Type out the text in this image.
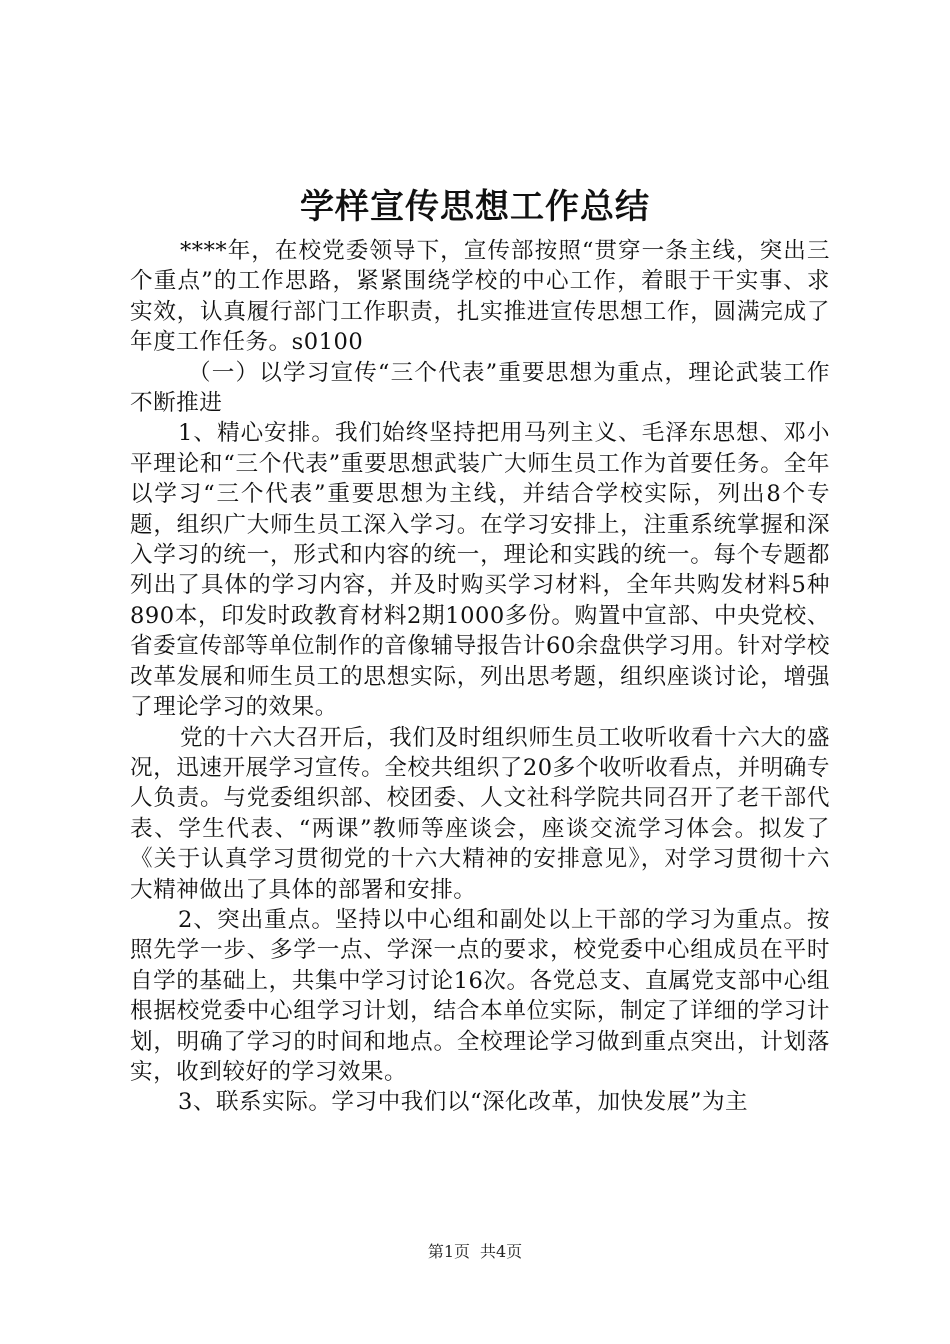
学样宣传思想工作总结

****年，在校党委领导下，宣传部按照“贯穿一条主线，突出三个重点”的工作思路，紧紧围绕学校的中心工作，着眼于干实事、求实效，认真履行部门工作职责，扎实推进宣传思想工作，圆满完成了年度工作任务。s0100

（一）以学习宣传“三个代表”重要思想为重点，理论武装工作不断推进

1、精心安排。我们始终坚持把用马列主义、毛泽东思想、邓小平理论和“三个代表”重要思想武装广大师生员工作为首要任务。全年以学习“三个代表”重要思想为主线，并结合学校实际，列出8个专题，组织广大师生员工深入学习。在学习安排上，注重系统掌握和深入学习的统一，形式和内容的统一，理论和实践的统一。每个专题都列出了具体的学习内容，并及时购买学习材料，全年共购发材料5种890本，印发时政教育材料2期1000多份。购置中宣部、中央党校、省委宣传部等单位制作的音像辅导报告计60余盘供学习用。针对学校改革发展和师生员工的思想实际，列出思考题，组织座谈讨论，增强了理论学习的效果。

党的十六大召开后，我们及时组织师生员工收听收看十六大的盛况，迅速开展学习宣传。全校共组织了20多个收听收看点，并明确专人负责。与党委组织部、校团委、人文社科学院共同召开了老干部代表、学生代表、“两课”教师等座谈会，座谈交流学习体会。拟发了《关于认真学习贯彻党的十六大精神的安排意见》，对学习贯彻十六大精神做出了具体的部署和安排。

2、突出重点。坚持以中心组和副处以上干部的学习为重点。按照先学一步、多学一点、学深一点的要求，校党委中心组成员在平时自学的基础上，共集中学习讨论16次。各党总支、直属党支部中心组根据校党委中心组学习计划，结合本单位实际，制定了详细的学习计划，明确了学习的时间和地点。全校理论学习做到重点突出，计划落实，收到较好的学习效果。

3、联系实际。学习中我们以“深化改革，加快发展”为主

第1页 共4页
